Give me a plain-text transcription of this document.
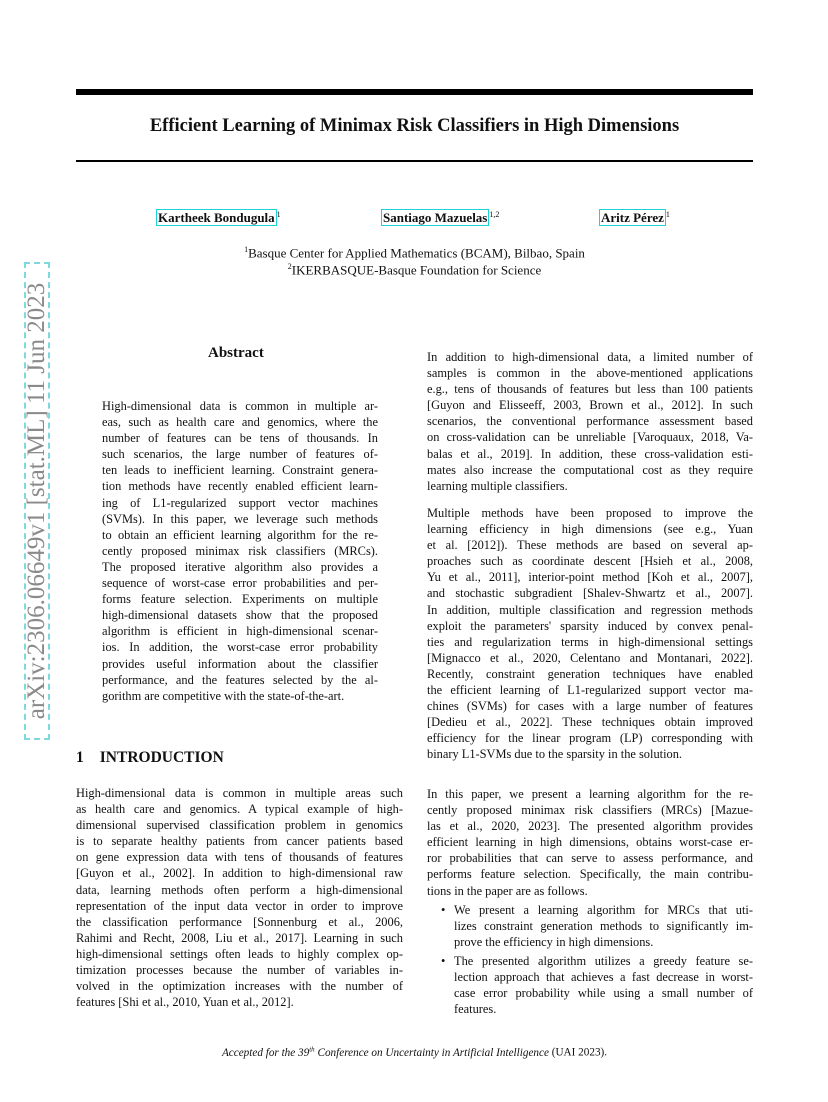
Efficient Learning of Minimax Risk Classifiers in High Dimensions
Kartheek Bondugula $^1$	Santiago Mazuelas $^{1,2}$	Aritz Pérez $^1$
$^1$Basque Center for Applied Mathematics (BCAM), Bilbao, Spain
$^2$IKERBASQUE-Basque Foundation for Science
arXiv:2306.06649v1 [stat.ML] 11 Jun 2023	Abstract
High-dimensional data is common in multiple ar-
eas, such as health care and genomics, where the
number of features can be tens of thousands. In
such scenarios, the large number of features of-
ten leads to inefficient learning. Constraint genera-
tion methods have recently enabled efficient learn-
ing of L1-regularized support vector machines
(SVMs). In this paper, we leverage such methods
to obtain an efficient learning algorithm for the re-
cently proposed minimax risk classifiers (MRCs).
The proposed iterative algorithm also provides a
sequence of worst-case error probabilities and per-
forms feature selection. Experiments on multiple
high-dimensional datasets show that the proposed
algorithm is efficient in high-dimensional scenar-
ios. In addition, the worst-case error probability
provides useful information about the classifier
performance, and the features selected by the al-
gorithm are competitive with the state-of-the-art.
1 INTRODUCTION
High-dimensional data is common in multiple areas such
as health care and genomics. A typical example of high-
dimensional supervised classification problem in genomics
is to separate healthy patients from cancer patients based
on gene expression data with tens of thousands of features
[Guyon et al., 2002]. In addition to high-dimensional raw
data, learning methods often perform a high-dimensional
representation of the input data vector in order to improve
the classification performance [Sonnenburg et al., 2006,
Rahimi and Recht, 2008, Liu et al., 2017]. Learning in such
high-dimensional settings often leads to highly complex op-
timization processes because the number of variables in-
volved in the optimization increases with the number of
features [Shi et al., 2010, Yuan et al., 2012].
In addition to high-dimensional data, a limited number of
samples is common in the above-mentioned applications
e.g., tens of thousands of features but less than 100 patients
[Guyon and Elisseeff, 2003, Brown et al., 2012]. In such
scenarios, the conventional performance assessment based
on cross-validation can be unreliable [Varoquaux, 2018, Va-
balas et al., 2019]. In addition, these cross-validation esti-
mates also increase the computational cost as they require
learning multiple classifiers.
Multiple methods have been proposed to improve the
learning efficiency in high dimensions (see e.g., Yuan
et al. [2012]). These methods are based on several ap-
proaches such as coordinate descent [Hsieh et al., 2008,
Yu et al., 2011], interior-point method [Koh et al., 2007],
and stochastic subgradient [Shalev-Shwartz et al., 2007].
In addition, multiple classification and regression methods
exploit the parameters' sparsity induced by convex penal-
ties and regularization terms in high-dimensional settings
[Mignacco et al., 2020, Celentano and Montanari, 2022].
Recently, constraint generation techniques have enabled
the efficient learning of L1-regularized support vector ma-
chines (SVMs) for cases with a large number of features
[Dedieu et al., 2022]. These techniques obtain improved
efficiency for the linear program (LP) corresponding with
binary L1-SVMs due to the sparsity in the solution.
In this paper, we present a learning algorithm for the re-
cently proposed minimax risk classifiers (MRCs) [Mazue-
las et al., 2020, 2023]. The presented algorithm provides
efficient learning in high dimensions, obtains worst-case er-
ror probabilities that can serve to assess performance, and
performs feature selection. Specifically, the main contribu-
tions in the paper are as follows.
• We present a learning algorithm for MRCs that uti-
lizes constraint generation methods to significantly im-
prove the efficiency in high dimensions.
• The presented algorithm utilizes a greedy feature se-
lection approach that achieves a fast decrease in worst-
case error probability while using a small number of
features.
Accepted for the 39th Conference on Uncertainty in Artificial Intelligence (UAI 2023).
